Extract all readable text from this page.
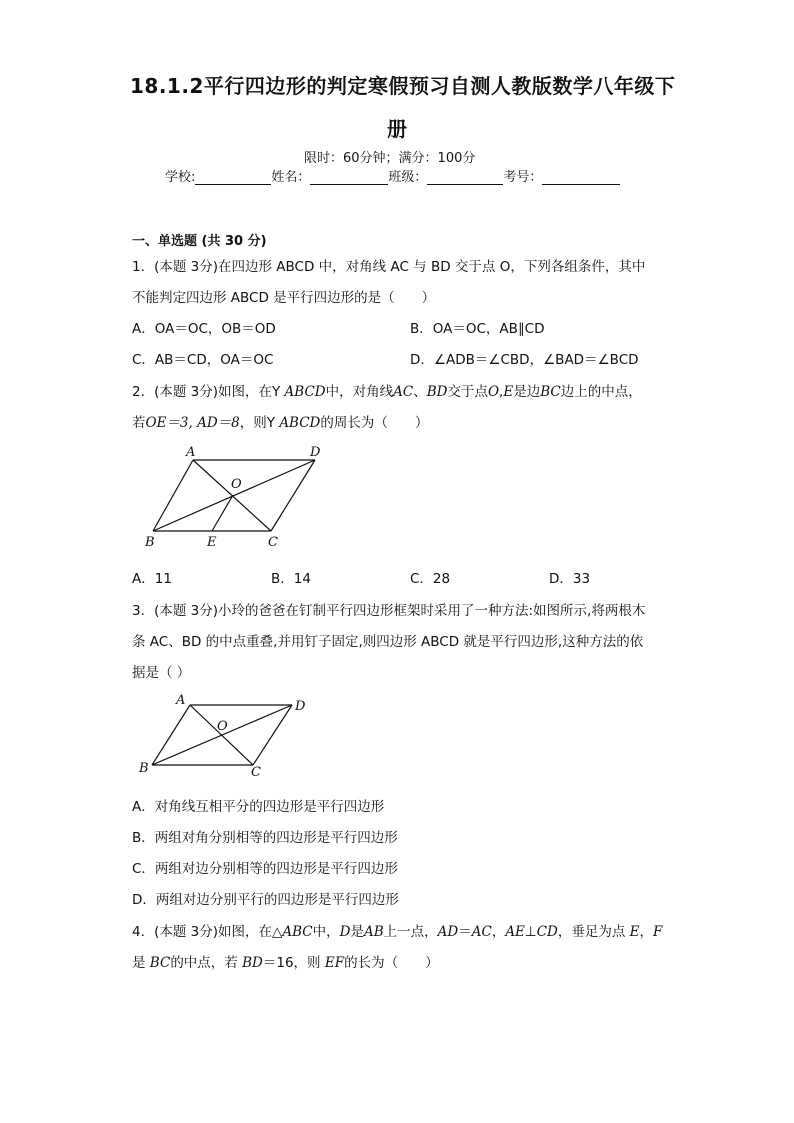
18.1.2平行四边形的判定寒假预习自测人教版数学八年级下
册
限时：60分钟；满分：100分
学校:	姓名：	班级：	考号：
一、单选题 (共 30 分)
1．(本题 3分)在四边形 ABCD 中，对角线 AC 与 BD 交于点 O，下列各组条件，其中
不能判定四边形 ABCD 是平行四边形的是（　　）
A．OA＝OC，OB＝OD	B．OA＝OC，AB∥CD
C．AB＝CD，OA＝OC	D．∠ADB＝∠CBD，∠BAD＝∠BCD
2．(本题 3分)如图，在Y ABCD中，对角线AC、BD交于点O,E是边BC边上的中点，
若OE＝3, AD＝8，则Y ABCD的周长为（　　）
A	D
O
B	E	C
A．11	B．14	C．28	D．33
3．(本题 3分)小玲的爸爸在钉制平行四边形框架时采用了一种方法:如图所示,将两根木
条 AC、BD 的中点重叠,并用钉子固定,则四边形 ABCD 就是平行四边形,这种方法的依
据是（ ）
A	D
O
B	C
A．对角线互相平分的四边形是平行四边形
B．两组对角分别相等的四边形是平行四边形
C．两组对边分别相等的四边形是平行四边形
D．两组对边分别平行的四边形是平行四边形
4．(本题 3分)如图，在△ABC中，D是AB上一点，AD＝AC，AE⊥CD，垂足为点 E，F
是 BC的中点，若 BD＝16，则 EF的长为（　　）
